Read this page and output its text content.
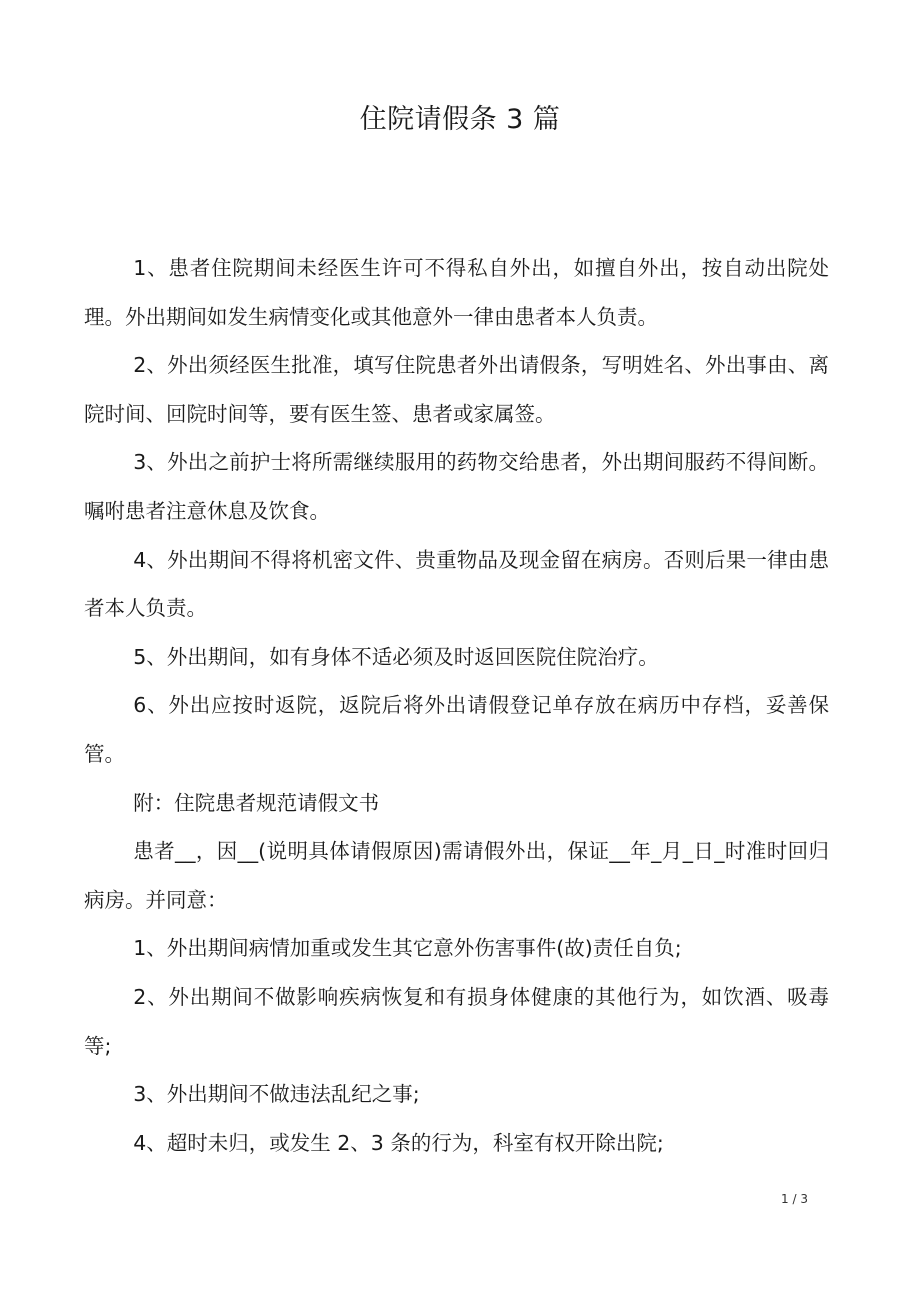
住院请假条 3 篇

1、患者住院期间未经医生许可不得私自外出，如擅自外出，按自动出院处理。外出期间如发生病情变化或其他意外一律由患者本人负责。

2、外出须经医生批准，填写住院患者外出请假条，写明姓名、外出事由、离院时间、回院时间等，要有医生签、患者或家属签。

3、外出之前护士将所需继续服用的药物交给患者，外出期间服药不得间断。嘱咐患者注意休息及饮食。

4、外出期间不得将机密文件、贵重物品及现金留在病房。否则后果一律由患者本人负责。

5、外出期间，如有身体不适必须及时返回医院住院治疗。

6、外出应按时返院，返院后将外出请假登记单存放在病历中存档，妥善保管。

附：住院患者规范请假文书

患者__，因__(说明具体请假原因)需请假外出，保证__年_月_日_时准时回归病房。并同意：

1、外出期间病情加重或发生其它意外伤害事件(故)责任自负;

2、外出期间不做影响疾病恢复和有损身体健康的其他行为，如饮酒、吸毒等;

3、外出期间不做违法乱纪之事;

4、超时未归，或发生 2、3 条的行为，科室有权开除出院;

1 / 3
